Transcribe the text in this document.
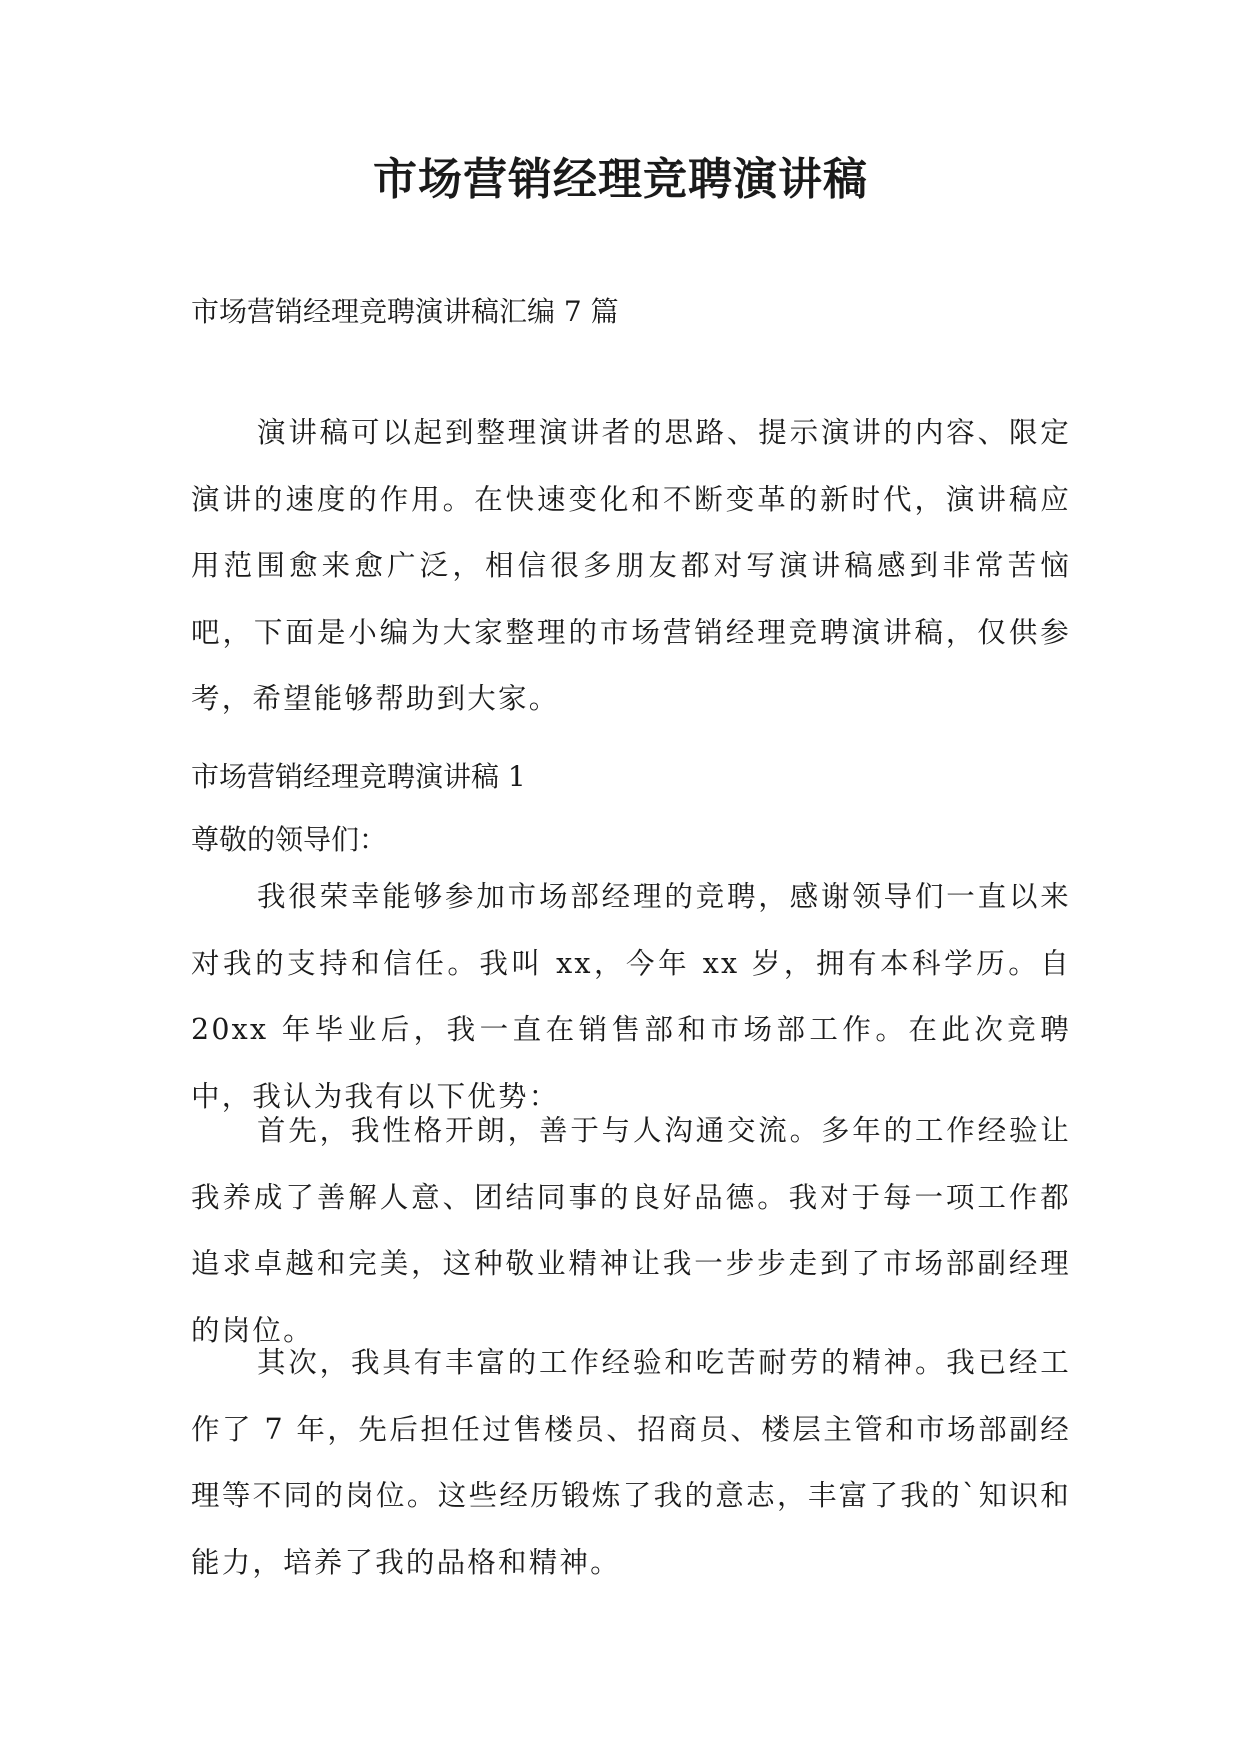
市场营销经理竞聘演讲稿

市场营销经理竞聘演讲稿汇编 7 篇

演讲稿可以起到整理演讲者的思路、提示演讲的内容、限定演讲的速度的作用。在快速变化和不断变革的新时代，演讲稿应用范围愈来愈广泛，相信很多朋友都对写演讲稿感到非常苦恼吧，下面是小编为大家整理的市场营销经理竞聘演讲稿，仅供参考，希望能够帮助到大家。

市场营销经理竞聘演讲稿 1

尊敬的领导们：

我很荣幸能够参加市场部经理的竞聘，感谢领导们一直以来对我的支持和信任。我叫 xx，今年 xx 岁，拥有本科学历。自 20xx 年毕业后，我一直在销售部和市场部工作。在此次竞聘中，我认为我有以下优势：

首先，我性格开朗，善于与人沟通交流。多年的工作经验让我养成了善解人意、团结同事的良好品德。我对于每一项工作都追求卓越和完美，这种敬业精神让我一步步走到了市场部副经理的岗位。

其次，我具有丰富的工作经验和吃苦耐劳的精神。我已经工作了 7 年，先后担任过售楼员、招商员、楼层主管和市场部副经理等不同的岗位。这些经历锻炼了我的意志，丰富了我的`知识和能力，培养了我的品格和精神。
